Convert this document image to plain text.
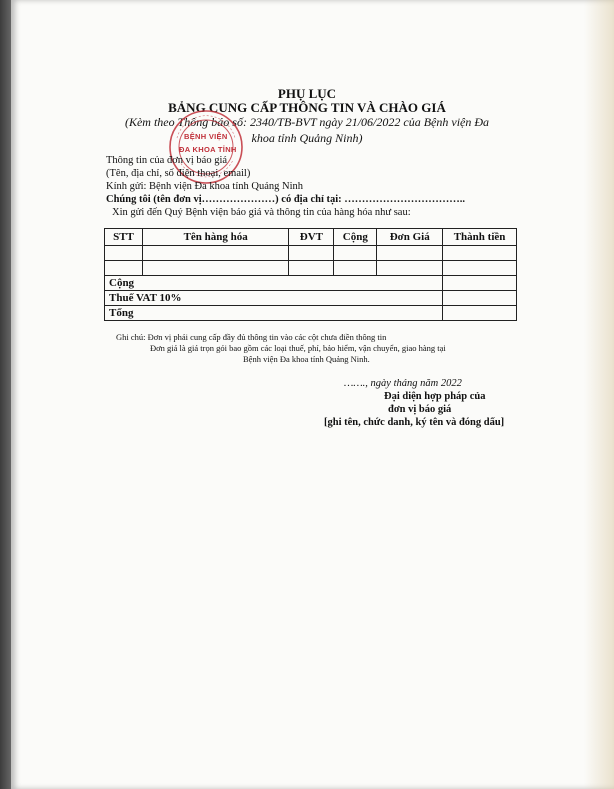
PHỤ LỤC
BẢNG CUNG CẤP THÔNG TIN VÀ CHÀO GIÁ
(Kèm theo Thông báo số: 2340/TB-BVT ngày 21/06/2022 của Bệnh viện Đa
khoa tỉnh Quảng Ninh)
BỆNH VIỆN
ĐA KHOA TỈNH
Thông tin của đơn vị báo giá
(Tên, địa chỉ, số điện thoại, email)
Kính gửi: Bệnh viện Đa khoa tỉnh Quảng Ninh
Chúng tôi (tên đơn vị…………………) có địa chỉ tại: ……………………………..
Xin gửi đến Quý Bệnh viện báo giá và thông tin của hàng hóa như sau:
STT	Tên hàng hóa	ĐVT	Cộng	Đơn Giá	Thành tiền

Cộng					
Thuế VAT 10%					
Tổng					
Ghi chú: Đơn vị phải cung cấp đầy đủ thông tin vào các cột chưa điền thông tin
Đơn giá là giá trọn gói bao gồm các loại thuế, phí, bảo hiểm, vận chuyển, giao hàng tại
Bệnh viện Đa khoa tỉnh Quảng Ninh.
……., ngày tháng năm 2022
Đại diện hợp pháp của
đơn vị báo giá
[ghi tên, chức danh, ký tên và đóng dấu]
